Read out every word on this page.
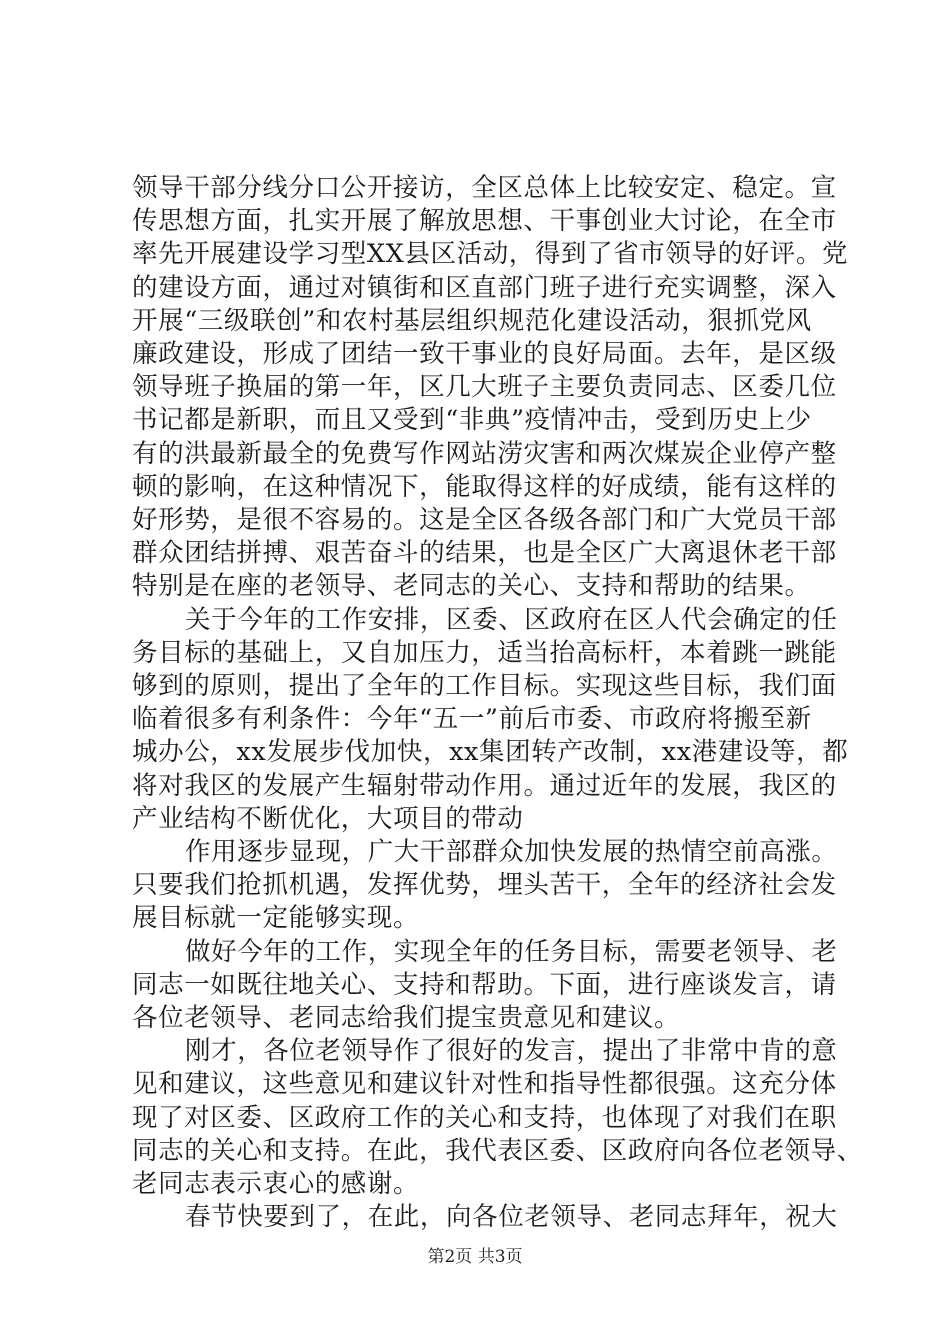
领导干部分线分口公开接访，全区总体上比较安定、稳定。宣
传思想方面，扎实开展了解放思想、干事创业大讨论，在全市
率先开展建设学习型XX县区活动，得到了省市领导的好评。党
的建设方面，通过对镇街和区直部门班子进行充实调整，深入
开展“三级联创”和农村基层组织规范化建设活动，狠抓党风
廉政建设，形成了团结一致干事业的良好局面。去年，是区级
领导班子换届的第一年，区几大班子主要负责同志、区委几位
书记都是新职，而且又受到“非典”疫情冲击，受到历史上少
有的洪最新最全的免费写作网站涝灾害和两次煤炭企业停产整
顿的影响，在这种情况下，能取得这样的好成绩，能有这样的
好形势，是很不容易的。这是全区各级各部门和广大党员干部
群众团结拼搏、艰苦奋斗的结果，也是全区广大离退休老干部
特别是在座的老领导、老同志的关心、支持和帮助的结果。

关于今年的工作安排，区委、区政府在区人代会确定的任
务目标的基础上，又自加压力，适当抬高标杆，本着跳一跳能
够到的原则，提出了全年的工作目标。实现这些目标，我们面
临着很多有利条件：今年“五一”前后市委、市政府将搬至新
城办公，xx发展步伐加快，xx集团转产改制，xx港建设等，都
将对我区的发展产生辐射带动作用。通过近年的发展，我区的
产业结构不断优化，大项目的带动

作用逐步显现，广大干部群众加快发展的热情空前高涨。
只要我们抢抓机遇，发挥优势，埋头苦干，全年的经济社会发
展目标就一定能够实现。

做好今年的工作，实现全年的任务目标，需要老领导、老
同志一如既往地关心、支持和帮助。下面，进行座谈发言，请
各位老领导、老同志给我们提宝贵意见和建议。

刚才，各位老领导作了很好的发言，提出了非常中肯的意
见和建议，这些意见和建议针对性和指导性都很强。这充分体
现了对区委、区政府工作的关心和支持，也体现了对我们在职
同志的关心和支持。在此，我代表区委、区政府向各位老领导、
老同志表示衷心的感谢。

春节快要到了，在此，向各位老领导、老同志拜年，祝大

第2页 共3页
